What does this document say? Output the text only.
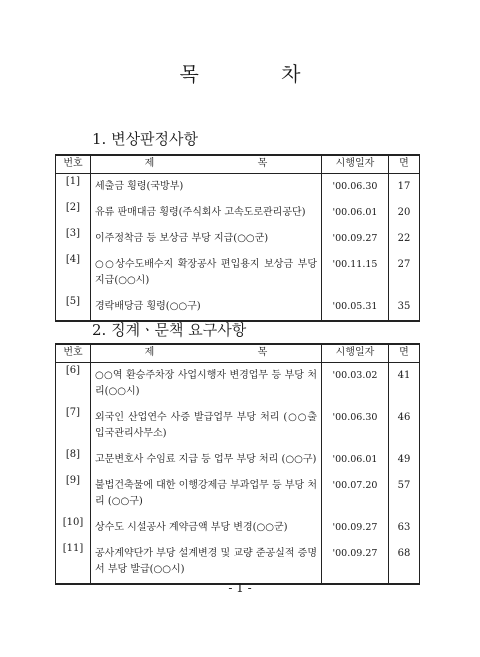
목 차
1. 변상판정사항
번호	제 목	시행일자	면
[1]	세출금 횡령(국방부)	'00.06.30	17
[2]	유류 판매대금 횡령(주식회사 고속도로관리공단)	'00.06.01	20
[3]	이주정착금 등 보상금 부당 지급(○○군)	'00.09.27	22
[4]	○○상수도배수지 확장공사 편입용지 보상금 부당 지급(○○시)	'00.11.15	27
[5]	경락배당금 횡령(○○구)	'00.05.31	35
2. 징계ㆍ문책 요구사항
번호	제 목	시행일자	면
[6]	○○역 환승주차장 사업시행자 변경업무 등 부당 처리(○○시)	'00.03.02	41
[7]	외국인 산업연수 사증 발급업무 부당 처리 (○○출입국관리사무소)	'00.06.30	46
[8]	고문변호사 수임료 지급 등 업무 부당 처리 (○○구)	'00.06.01	49
[9]	불법건축물에 대한 이행강제금 부과업무 등 부당 처리 (○○구)	'00.07.20	57
[10]	상수도 시설공사 계약금액 부당 변경(○○군)	'00.09.27	63
[11]	공사계약단가 부당 설계변경 및 교량 준공실적 증명서 부당 발급(○○시)	'00.09.27	68
- 1 -
